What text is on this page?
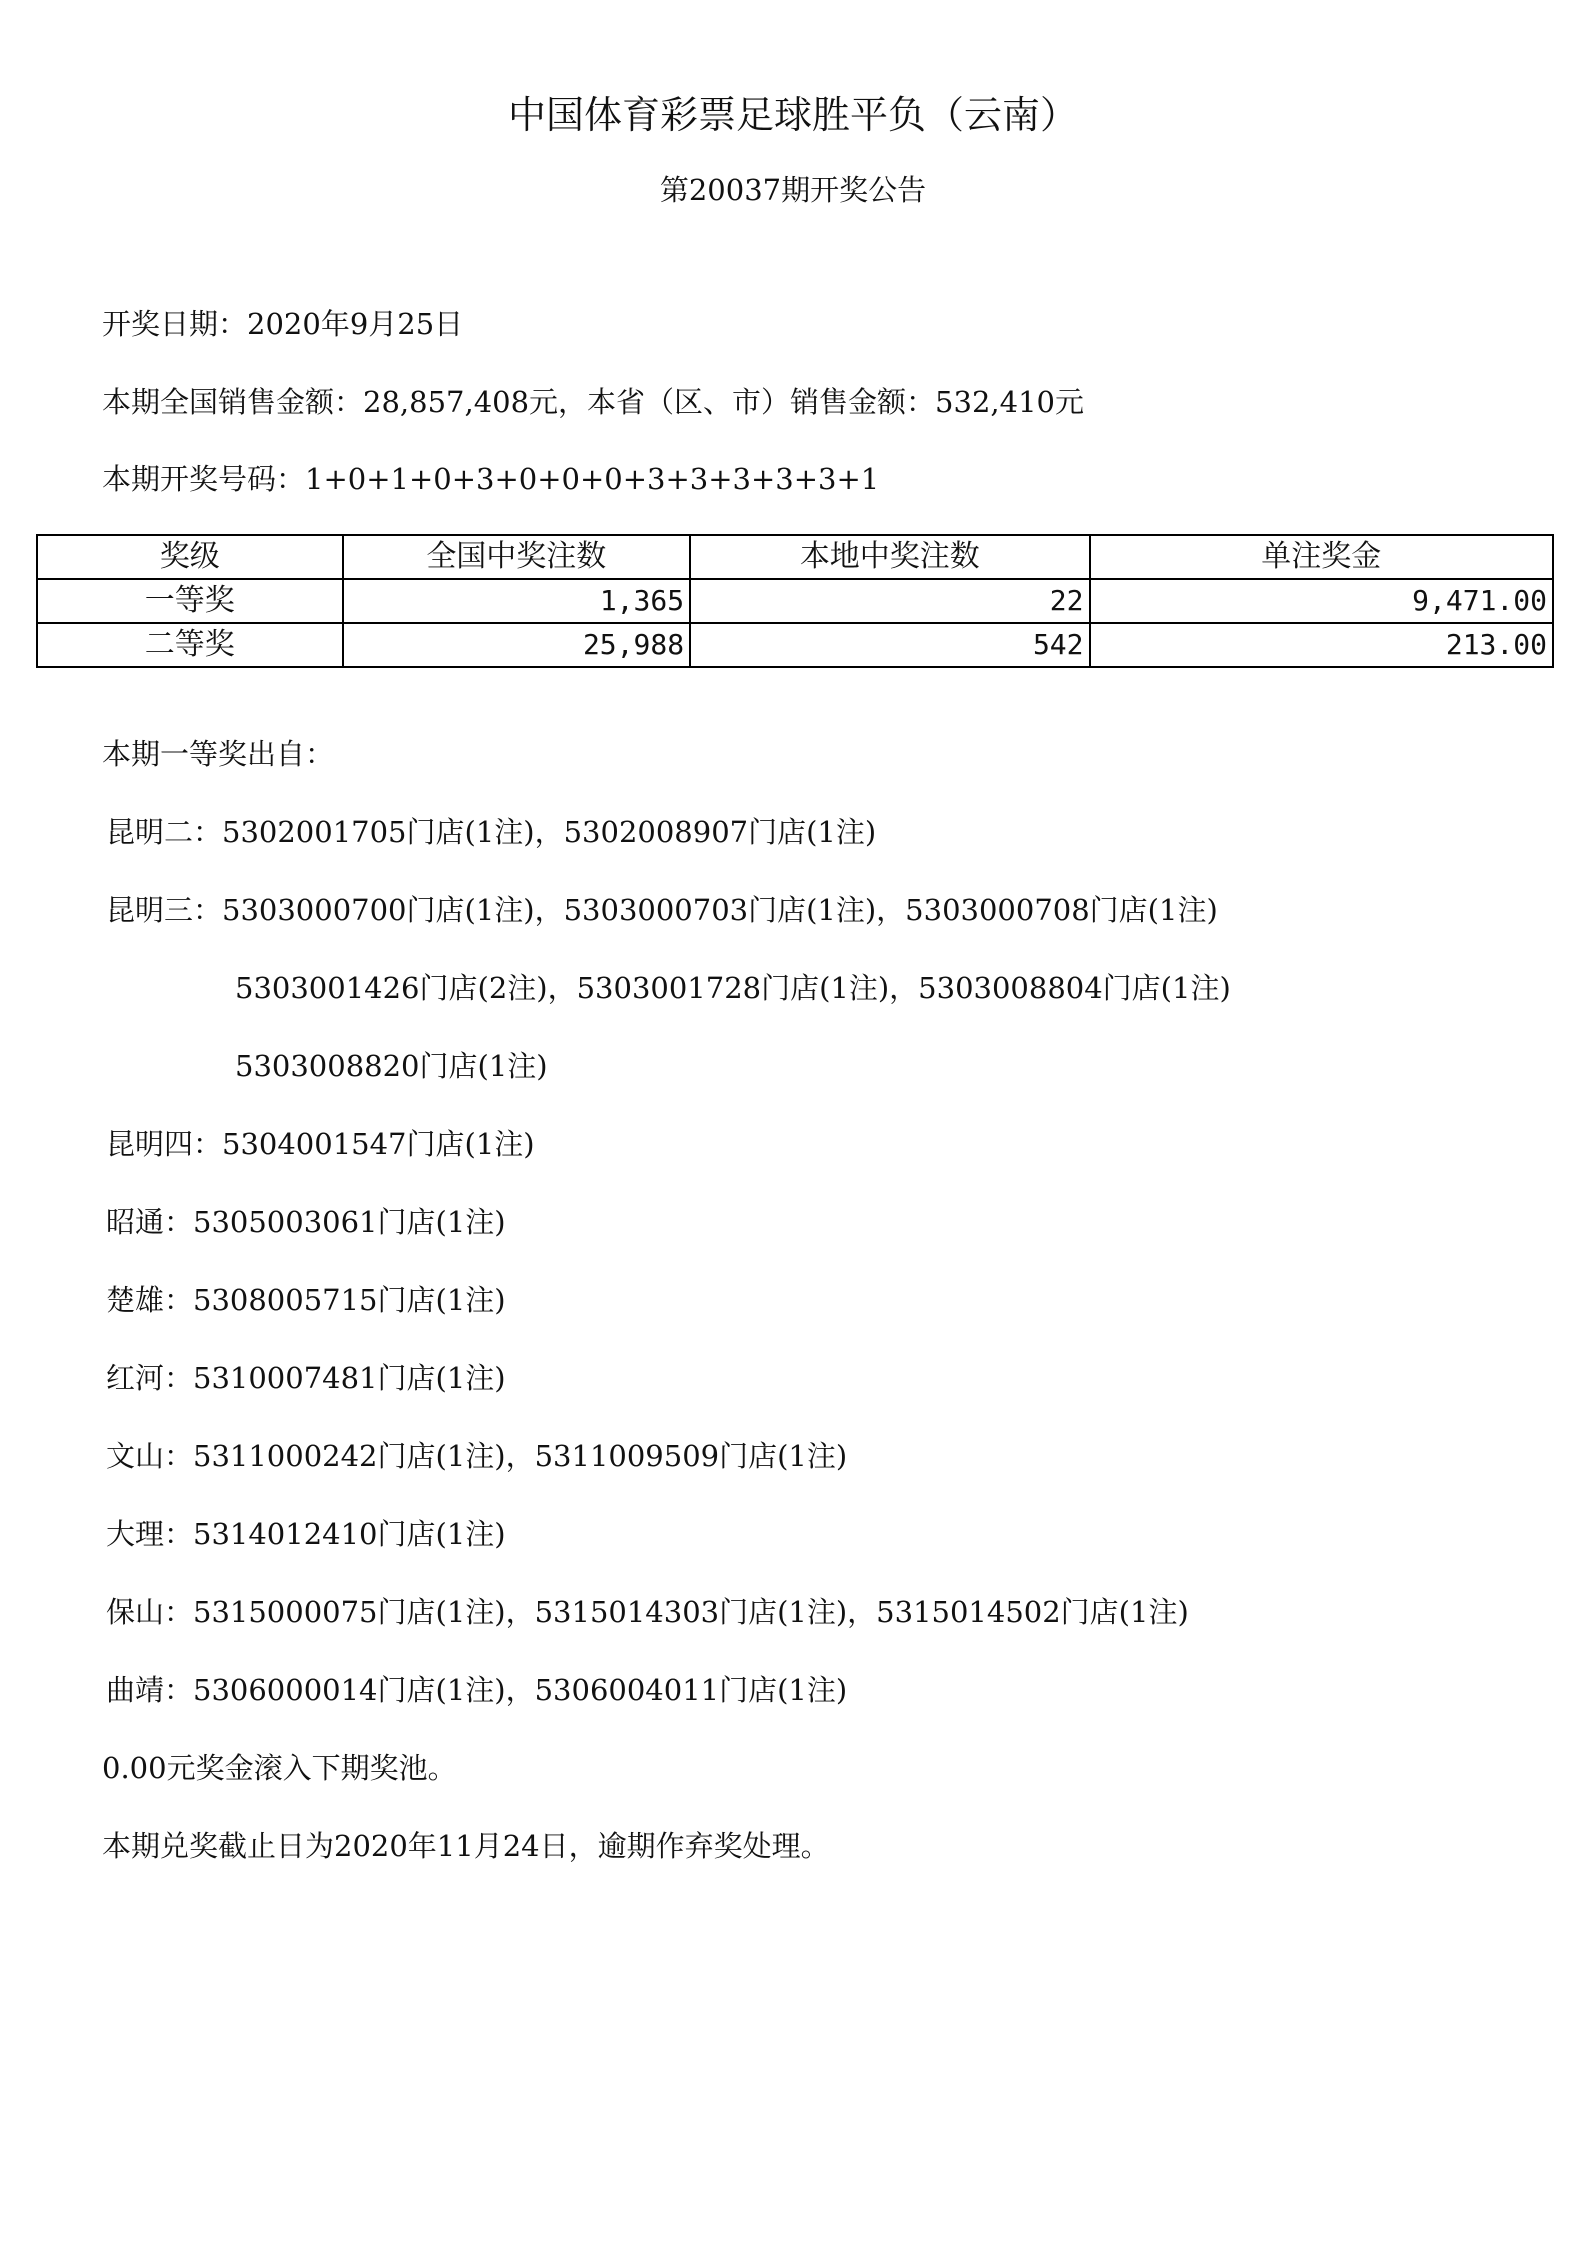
中国体育彩票足球胜平负（云南）
第20037期开奖公告
开奖日期：2020年9月25日
本期全国销售金额：28,857,408元，本省（区、市）销售金额：532,410元
本期开奖号码：1+0+1+0+3+0+0+0+3+3+3+3+3+1
奖级	全国中奖注数	本地中奖注数	单注奖金
一等奖	1,365	22	9,471.00
二等奖	25,988	542	213.00
本期一等奖出自：
昆明二：5302001705门店(1注)，5302008907门店(1注)
昆明三：5303000700门店(1注)，5303000703门店(1注)，5303000708门店(1注)
5303001426门店(2注)，5303001728门店(1注)，5303008804门店(1注)
5303008820门店(1注)
昆明四：5304001547门店(1注)
昭通：5305003061门店(1注)
楚雄：5308005715门店(1注)
红河：5310007481门店(1注)
文山：5311000242门店(1注)，5311009509门店(1注)
大理：5314012410门店(1注)
保山：5315000075门店(1注)，5315014303门店(1注)，5315014502门店(1注)
曲靖：5306000014门店(1注)，5306004011门店(1注)
0.00元奖金滚入下期奖池。
本期兑奖截止日为2020年11月24日，逾期作弃奖处理。
